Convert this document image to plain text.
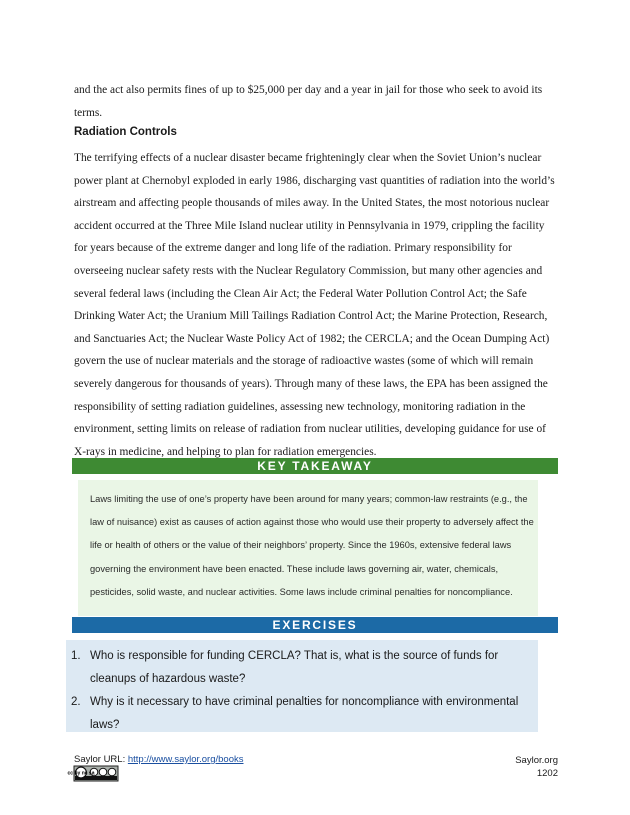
and the act also permits fines of up to $25,000 per day and a year in jail for those who seek to avoid its terms.

Radiation Controls

The terrifying effects of a nuclear disaster became frighteningly clear when the Soviet Union’s nuclear power plant at Chernobyl exploded in early 1986, discharging vast quantities of radiation into the world’s airstream and affecting people thousands of miles away. In the United States, the most notorious nuclear accident occurred at the Three Mile Island nuclear utility in Pennsylvania in 1979, crippling the facility for years because of the extreme danger and long life of the radiation. Primary responsibility for overseeing nuclear safety rests with the Nuclear Regulatory Commission, but many other agencies and several federal laws (including the Clean Air Act; the Federal Water Pollution Control Act; the Safe Drinking Water Act; the Uranium Mill Tailings Radiation Control Act; the Marine Protection, Research, and Sanctuaries Act; the Nuclear Waste Policy Act of 1982; the CERCLA; and the Ocean Dumping Act) govern the use of nuclear materials and the storage of radioactive wastes (some of which will remain severely dangerous for thousands of years). Through many of these laws, the EPA has been assigned the responsibility of setting radiation guidelines, assessing new technology, monitoring radiation in the environment, setting limits on release of radiation from nuclear utilities, developing guidance for use of X-rays in medicine, and helping to plan for radiation emergencies.

KEY TAKEAWAY

Laws limiting the use of one’s property have been around for many years; common-law restraints (e.g., the law of nuisance) exist as causes of action against those who would use their property to adversely affect the life or health of others or the value of their neighbors’ property. Since the 1960s, extensive federal laws governing the environment have been enacted. These include laws governing air, water, chemicals, pesticides, solid waste, and nuclear activities. Some laws include criminal penalties for noncompliance.

EXERCISES
1. Who is responsible for funding CERCLA? That is, what is the source of funds for cleanups of hazardous waste?
2. Why is it necessary to have criminal penalties for noncompliance with environmental laws?
Saylor URL: http://www.saylor.org/books
cc by nc sa
Saylor.org
1202
